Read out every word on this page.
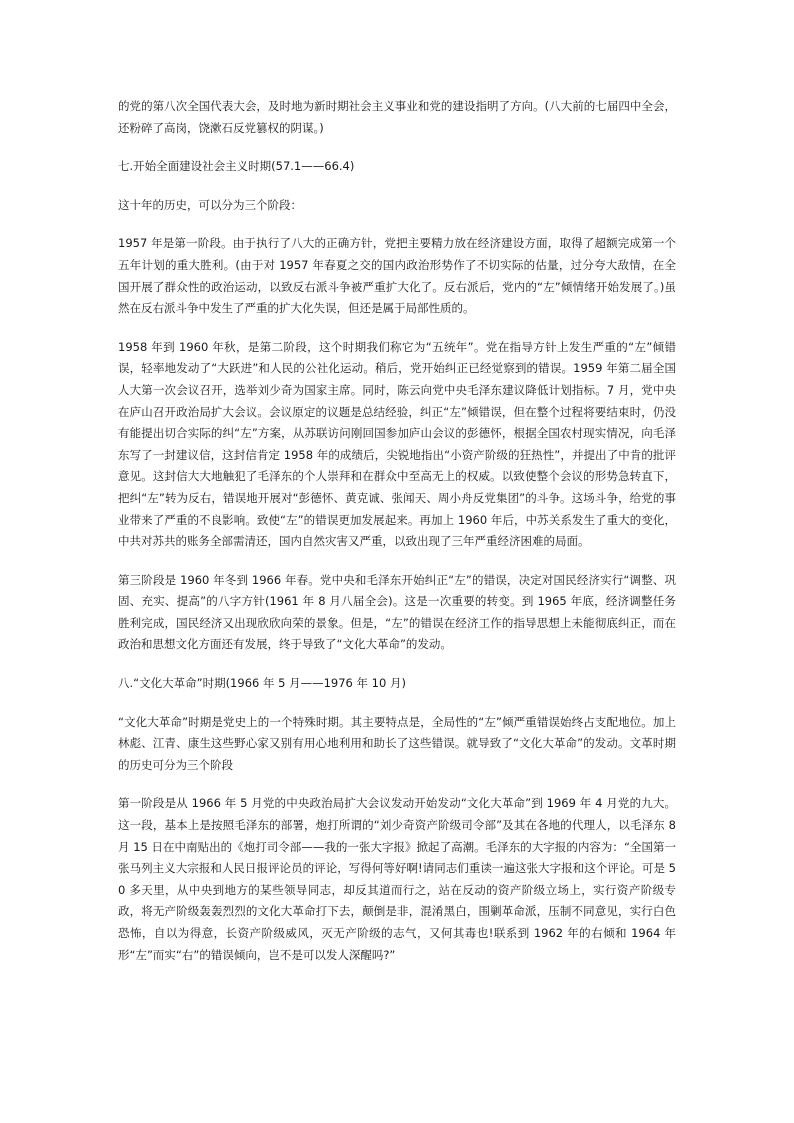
的党的第八次全国代表大会，及时地为新时期社会主义事业和党的建设指明了方向。(八大前的七届四中全会，还粉碎了高岗，饶漱石反党篡权的阴谋。)

七.开始全面建设社会主义时期(57.1——66.4)

这十年的历史，可以分为三个阶段：

1957 年是第一阶段。由于执行了八大的正确方针，党把主要精力放在经济建设方面，取得了超额完成第一个五年计划的重大胜利。(由于对 1957 年春夏之交的国内政治形势作了不切实际的估量，过分夸大敌情，在全国开展了群众性的政治运动，以致反右派斗争被严重扩大化了。反右派后，党内的“左”倾情绪开始发展了。)虽然在反右派斗争中发生了严重的扩大化失误，但还是属于局部性质的。

1958 年到 1960 年秋，是第二阶段，这个时期我们称它为“五统年”。党在指导方针上发生严重的“左”倾错误，轻率地发动了“大跃进”和人民的公社化运动。稍后，党开始纠正已经觉察到的错误。1959 年第二届全国人大第一次会议召开，选举刘少奇为国家主席。同时，陈云向党中央毛泽东建议降低计划指标。7 月，党中央在庐山召开政治局扩大会议。会议原定的议题是总结经验，纠正“左”倾错误，但在整个过程将要结束时，仍没有能提出切合实际的纠“左”方案，从苏联访问刚回国参加庐山会议的彭德怀，根据全国农村现实情况，向毛泽东写了一封建议信，这封信肯定 1958 年的成绩后，尖锐地指出“小资产阶级的狂热性”，并提出了中肯的批评意见。这封信大大地触犯了毛泽东的个人崇拜和在群众中至高无上的权威。以致使整个会议的形势急转直下，把纠“左”转为反右，错误地开展对“彭德怀、黄克诚、张闻天、周小舟反党集团”的斗争。这场斗争，给党的事业带来了严重的不良影响。致使“左”的错误更加发展起来。再加上 1960 年后，中苏关系发生了重大的变化，中共对苏共的账务全部需清还，国内自然灾害又严重，以致出现了三年严重经济困难的局面。

第三阶段是 1960 年冬到 1966 年春。党中央和毛泽东开始纠正“左”的错误，决定对国民经济实行“调整、巩固、充实、提高”的八字方针(1961 年 8 月八届全会)。这是一次重要的转变。到 1965 年底，经济调整任务胜利完成，国民经济又出现欣欣向荣的景象。但是，“左”的错误在经济工作的指导思想上未能彻底纠正，而在政治和思想文化方面还有发展，终于导致了“文化大革命”的发动。

八.“文化大革命”时期(1966 年 5 月——1976 年 10 月)

“文化大革命”时期是党史上的一个特殊时期。其主要特点是，全局性的“左”倾严重错误始终占支配地位。加上林彪、江青、康生这些野心家又别有用心地利用和助长了这些错误。就导致了“文化大革命”的发动。文革时期的历史可分为三个阶段

第一阶段是从 1966 年 5 月党的中央政治局扩大会议发动开始发动“文化大革命”到 1969 年 4 月党的九大。这一段，基本上是按照毛泽东的部署，炮打所谓的“刘少奇资产阶级司令部”及其在各地的代理人，以毛泽东 8 月 15 日在中南贴出的《炮打司令部——我的一张大字报》掀起了高潮。毛泽东的大字报的内容为：“全国第一张马列主义大宗报和人民日报评论员的评论，写得何等好啊!请同志们重读一遍这张大字报和这个评论。可是 50 多天里，从中央到地方的某些领导同志，却反其道而行之，站在反动的资产阶级立场上，实行资产阶级专政，将无产阶级轰轰烈烈的文化大革命打下去，颠倒是非，混淆黑白，围剿革命派，压制不同意见，实行白色恐怖，自以为得意，长资产阶级威风，灭无产阶级的志气，又何其毒也!联系到 1962 年的右倾和 1964 年形“左”而实“右”的错误倾向，岂不是可以发人深醒吗?”
